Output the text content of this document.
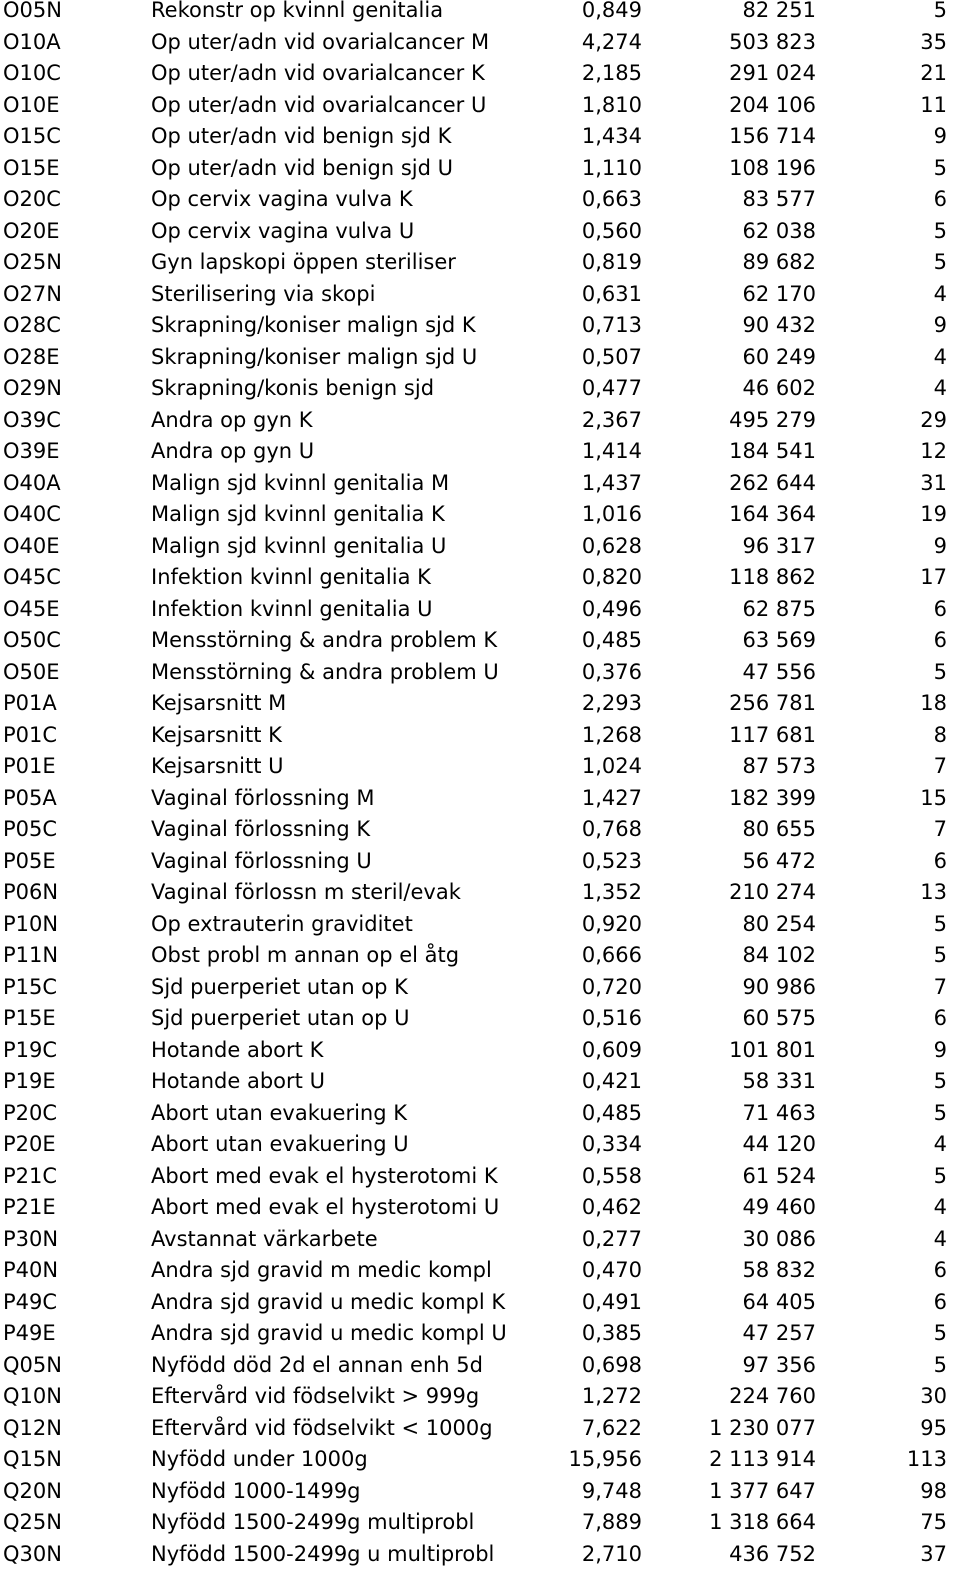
O05N	Rekonstr op kvinnl genitalia	0,849	82 251	5
O10A	Op uter/adn vid ovarialcancer M	4,274	503 823	35
O10C	Op uter/adn vid ovarialcancer K	2,185	291 024	21
O10E	Op uter/adn vid ovarialcancer U	1,810	204 106	11
O15C	Op uter/adn vid benign sjd K	1,434	156 714	9
O15E	Op uter/adn vid benign sjd U	1,110	108 196	5
O20C	Op cervix vagina vulva K	0,663	83 577	6
O20E	Op cervix vagina vulva U	0,560	62 038	5
O25N	Gyn lapskopi öppen steriliser	0,819	89 682	5
O27N	Sterilisering via skopi	0,631	62 170	4
O28C	Skrapning/koniser malign sjd K	0,713	90 432	9
O28E	Skrapning/koniser malign sjd U	0,507	60 249	4
O29N	Skrapning/konis benign sjd	0,477	46 602	4
O39C	Andra op gyn K	2,367	495 279	29
O39E	Andra op gyn U	1,414	184 541	12
O40A	Malign sjd kvinnl genitalia M	1,437	262 644	31
O40C	Malign sjd kvinnl genitalia K	1,016	164 364	19
O40E	Malign sjd kvinnl genitalia U	0,628	96 317	9
O45C	Infektion kvinnl genitalia K	0,820	118 862	17
O45E	Infektion kvinnl genitalia U	0,496	62 875	6
O50C	Mensstörning & andra problem K	0,485	63 569	6
O50E	Mensstörning & andra problem U	0,376	47 556	5
P01A	Kejsarsnitt M	2,293	256 781	18
P01C	Kejsarsnitt K	1,268	117 681	8
P01E	Kejsarsnitt U	1,024	87 573	7
P05A	Vaginal förlossning M	1,427	182 399	15
P05C	Vaginal förlossning K	0,768	80 655	7
P05E	Vaginal förlossning U	0,523	56 472	6
P06N	Vaginal förlossn m steril/evak	1,352	210 274	13
P10N	Op extrauterin graviditet	0,920	80 254	5
P11N	Obst probl m annan op el åtg	0,666	84 102	5
P15C	Sjd puerperiet utan op K	0,720	90 986	7
P15E	Sjd puerperiet utan op U	0,516	60 575	6
P19C	Hotande abort K	0,609	101 801	9
P19E	Hotande abort U	0,421	58 331	5
P20C	Abort utan evakuering K	0,485	71 463	5
P20E	Abort utan evakuering U	0,334	44 120	4
P21C	Abort med evak el hysterotomi K	0,558	61 524	5
P21E	Abort med evak el hysterotomi U	0,462	49 460	4
P30N	Avstannat värkarbete	0,277	30 086	4
P40N	Andra sjd gravid m medic kompl	0,470	58 832	6
P49C	Andra sjd gravid u medic kompl K	0,491	64 405	6
P49E	Andra sjd gravid u medic kompl U	0,385	47 257	5
Q05N	Nyfödd död 2d el annan enh 5d	0,698	97 356	5
Q10N	Eftervård vid födselvikt > 999g	1,272	224 760	30
Q12N	Eftervård vid födselvikt < 1000g	7,622	1 230 077	95
Q15N	Nyfödd under 1000g	15,956	2 113 914	113
Q20N	Nyfödd 1000-1499g	9,748	1 377 647	98
Q25N	Nyfödd 1500-2499g multiprobl	7,889	1 318 664	75
Q30N	Nyfödd 1500-2499g u multiprobl	2,710	436 752	37
